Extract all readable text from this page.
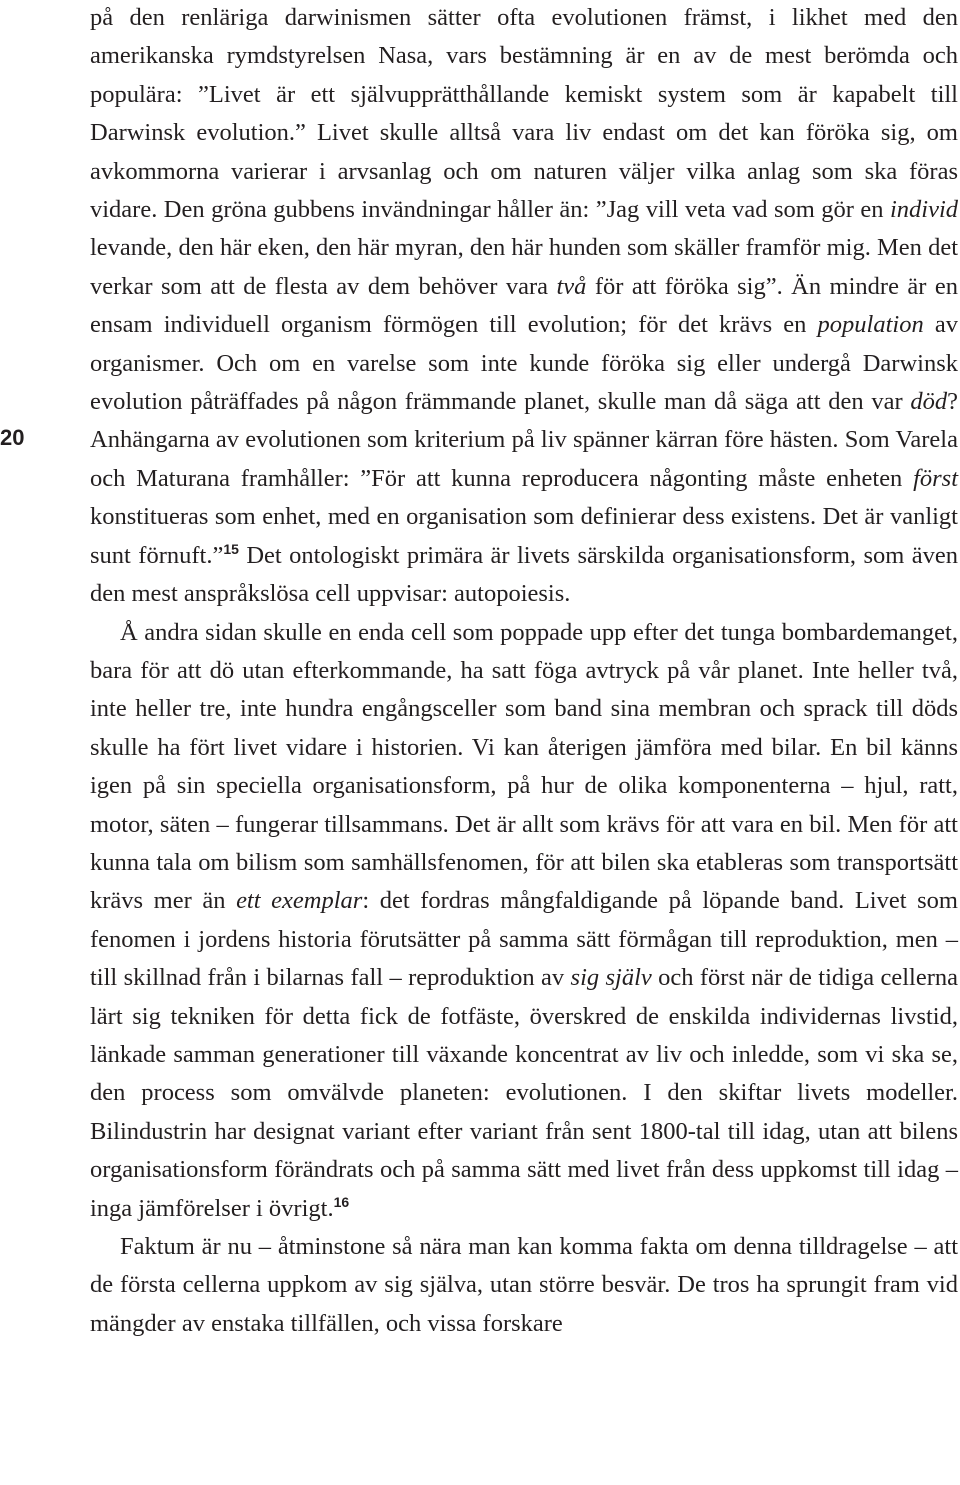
20

på den renläriga darwinismen sätter ofta evolutionen främst, i likhet med den amerikanska rymdstyrelsen Nasa, vars bestämning är en av de mest berömda och populära: ”Livet är ett självupprätthållande kemiskt system som är kapabelt till Darwinsk evolution.” Livet skulle alltså vara liv endast om det kan föröka sig, om avkommorna varierar i arvsanlag och om naturen väljer vilka anlag som ska föras vidare. Den gröna gubbens invändningar håller än: ”Jag vill veta vad som gör en individ levande, den här eken, den här myran, den här hunden som skäller framför mig. Men det verkar som att de flesta av dem behöver vara två för att föröka sig”. Än mindre är en ensam individuell organism förmögen till evolution; för det krävs en population av organismer. Och om en varelse som inte kunde föröka sig eller undergå Darwinsk evolution påträffades på någon främmande planet, skulle man då säga att den var död? Anhängarna av evolutionen som kriterium på liv spänner kärran före hästen. Som Varela och Maturana framhåller: ”För att kunna reproducera någonting måste enheten först konstitueras som enhet, med en organisation som definierar dess existens. Det är vanligt sunt förnuft.”$^{15}$ Det ontologiskt primära är livets särskilda organisationsform, som även den mest anspråkslösa cell uppvisar: autopoiesis.

Å andra sidan skulle en enda cell som poppade upp efter det tunga bombardemanget, bara för att dö utan efterkommande, ha satt föga avtryck på vår planet. Inte heller två, inte heller tre, inte hundra engångsceller som band sina membran och sprack till döds skulle ha fört livet vidare i historien. Vi kan återigen jämföra med bilar. En bil känns igen på sin speciella organisationsform, på hur de olika komponenterna – hjul, ratt, motor, säten – fungerar tillsammans. Det är allt som krävs för att vara en bil. Men för att kunna tala om bilism som samhällsfenomen, för att bilen ska etableras som transportsätt krävs mer än ett exemplar: det fordras mångfaldigande på löpande band. Livet som fenomen i jordens historia förutsätter på samma sätt förmågan till reproduktion, men – till skillnad från i bilarnas fall – reproduktion av sig själv och först när de tidiga cellerna lärt sig tekniken för detta fick de fotfäste, överskred de enskilda individernas livstid, länkade samman generationer till växande koncentrat av liv och inledde, som vi ska se, den process som omvälvde planeten: evolutionen. I den skiftar livets modeller. Bilindustrin har designat variant efter variant från sent 1800-tal till idag, utan att bilens organisationsform förändrats och på samma sätt med livet från dess uppkomst till idag – inga jämförelser i övrigt.$^{16}$

Faktum är nu – åtminstone så nära man kan komma fakta om denna tilldragelse – att de första cellerna uppkom av sig själva, utan större besvär. De tros ha sprungit fram vid mängder av enstaka tillfällen, och vissa forskare
